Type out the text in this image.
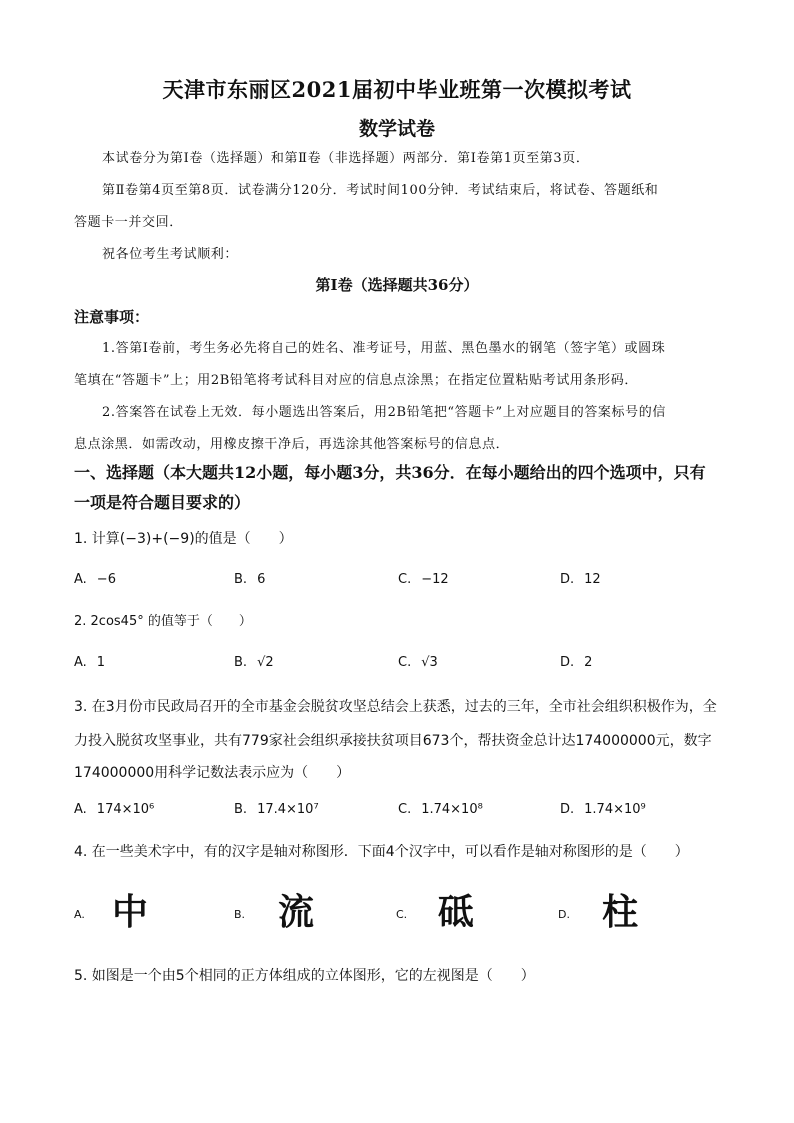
天津市东丽区2021届初中毕业班第一次模拟考试
数学试卷
本试卷分为第Ⅰ卷（选择题）和第Ⅱ卷（非选择题）两部分．第Ⅰ卷第1页至第3页．
第Ⅱ卷第4页至第8页．试卷满分120分．考试时间100分钟．考试结束后，将试卷、答题纸和
答题卡一并交回．
祝各位考生考试顺利：
第Ⅰ卷（选择题共36分）
注意事项：
1.答第Ⅰ卷前，考生务必先将自己的姓名、准考证号，用蓝、黑色墨水的钢笔（签字笔）或圆珠
笔填在“答题卡”上；用2B铅笔将考试科目对应的信息点涂黑；在指定位置粘贴考试用条形码．
2.答案答在试卷上无效．每小题选出答案后，用2B铅笔把“答题卡”上对应题目的答案标号的信
息点涂黑．如需改动，用橡皮擦干净后，再选涂其他答案标号的信息点．
一、选择题（本大题共12小题，每小题3分，共36分．在每小题给出的四个选项中，只有
一项是符合题目要求的）
1. 计算(−3)+(−9)的值是（　　）
A. −6	B. 6	C. −12	D. 12
2. 2cos45° 的值等于（　　）
A. 1	B. √2	C. √3	D. 2
3. 在3月份市民政局召开的全市基金会脱贫攻坚总结会上获悉，过去的三年，全市社会组织积极作为，全
力投入脱贫攻坚事业，共有779家社会组织承接扶贫项目673个，帮扶资金总计达174000000元，数字
174000000用科学记数法表示应为（　　）
A. 174×10⁶	B. 17.4×10⁷	C. 1.74×10⁸	D. 1.74×10⁹
4. 在一些美术字中，有的汉字是轴对称图形．下面4个汉字中，可以看作是轴对称图形的是（　　）
A. 中	B. 流	C. 砥	D. 柱
5. 如图是一个由5个相同的正方体组成的立体图形，它的左视图是（　　）
